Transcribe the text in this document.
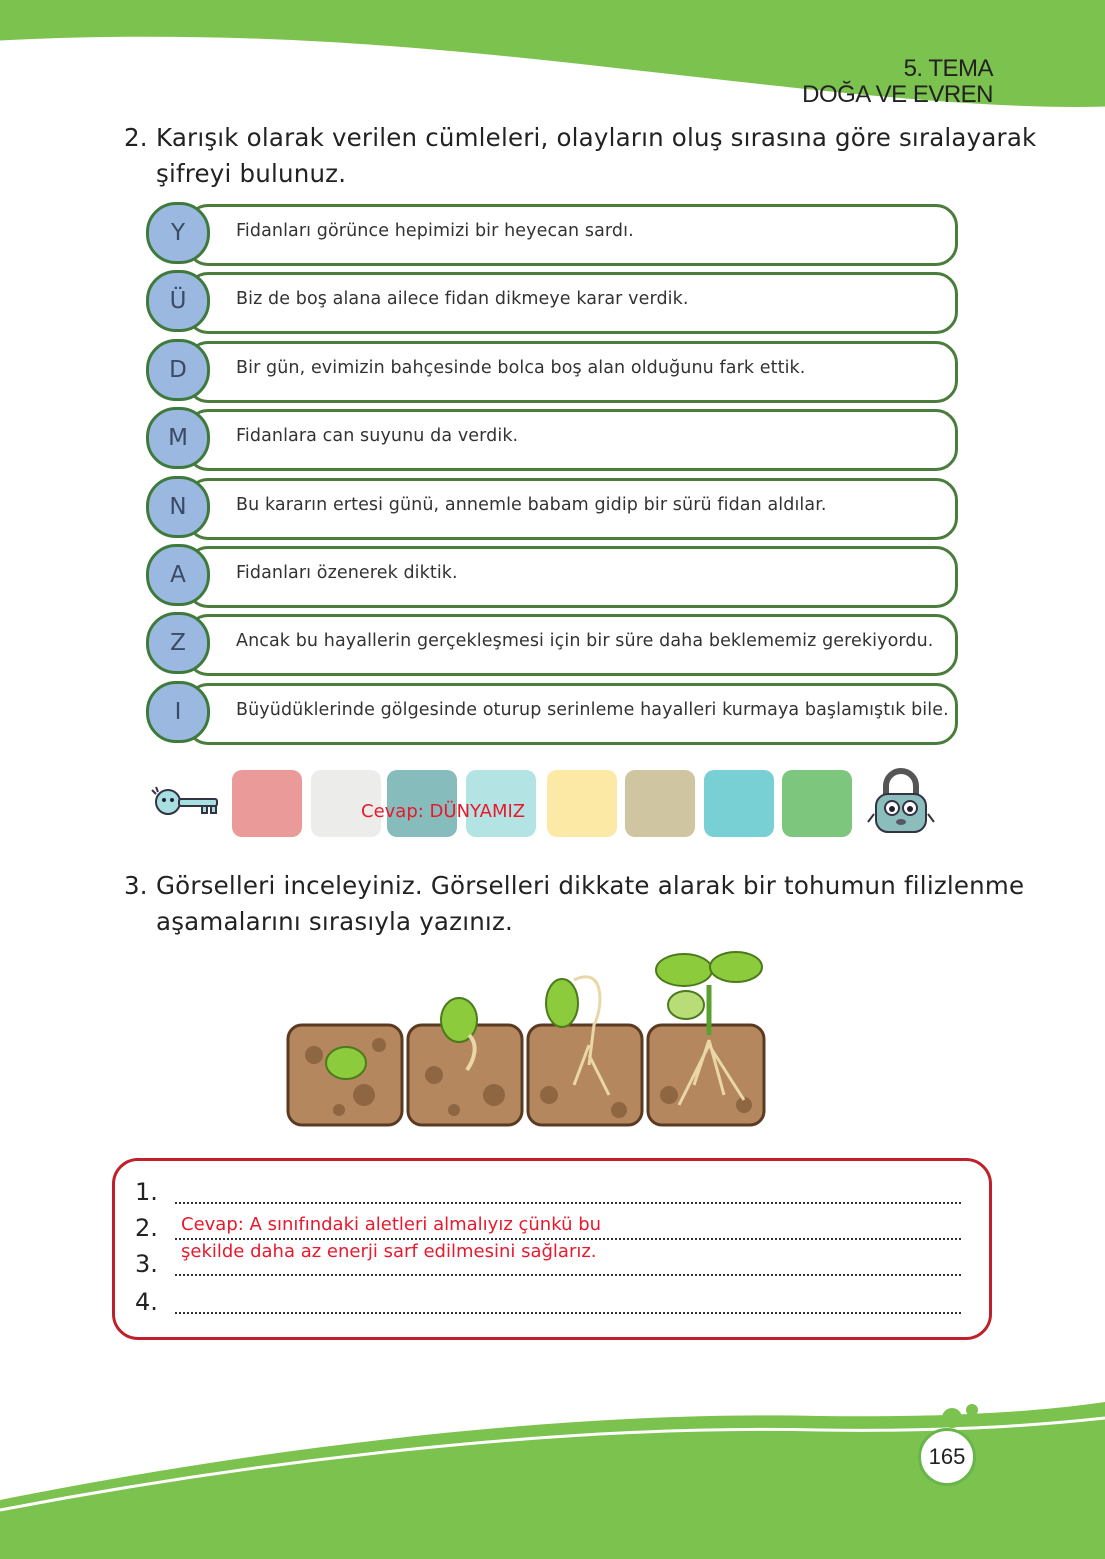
5. TEMA
DOĞA VE EVREN
2. Karışık olarak verilen cümleleri, olayların oluş sırasına göre sıralayarak
şifreyi bulunuz.
Y	Fidanları görünce hepimizi bir heyecan sardı.
Ü	Biz de boş alana ailece fidan dikmeye karar verdik.
D	Bir gün, evimizin bahçesinde bolca boş alan olduğunu fark ettik.
M	Fidanlara can suyunu da verdik.
N	Bu kararın ertesi günü, annemle babam gidip bir sürü fidan aldılar.
A	Fidanları özenerek diktik.
Z	Ancak bu hayallerin gerçekleşmesi için bir süre daha beklememiz gerekiyordu.
I	Büyüdüklerinde gölgesinde oturup serinleme hayalleri kurmaya başlamıştık bile.
Cevap: DÜNYAMIZ
3. Görselleri inceleyiniz. Görselleri dikkate alarak bir tohumun filizlenme
aşamalarını sırasıyla yazınız.
1.
2.
3.
4.
Cevap: A sınıfındaki aletleri almalıyız çünkü bu
şekilde daha az enerji sarf edilmesini sağlarız.
165
